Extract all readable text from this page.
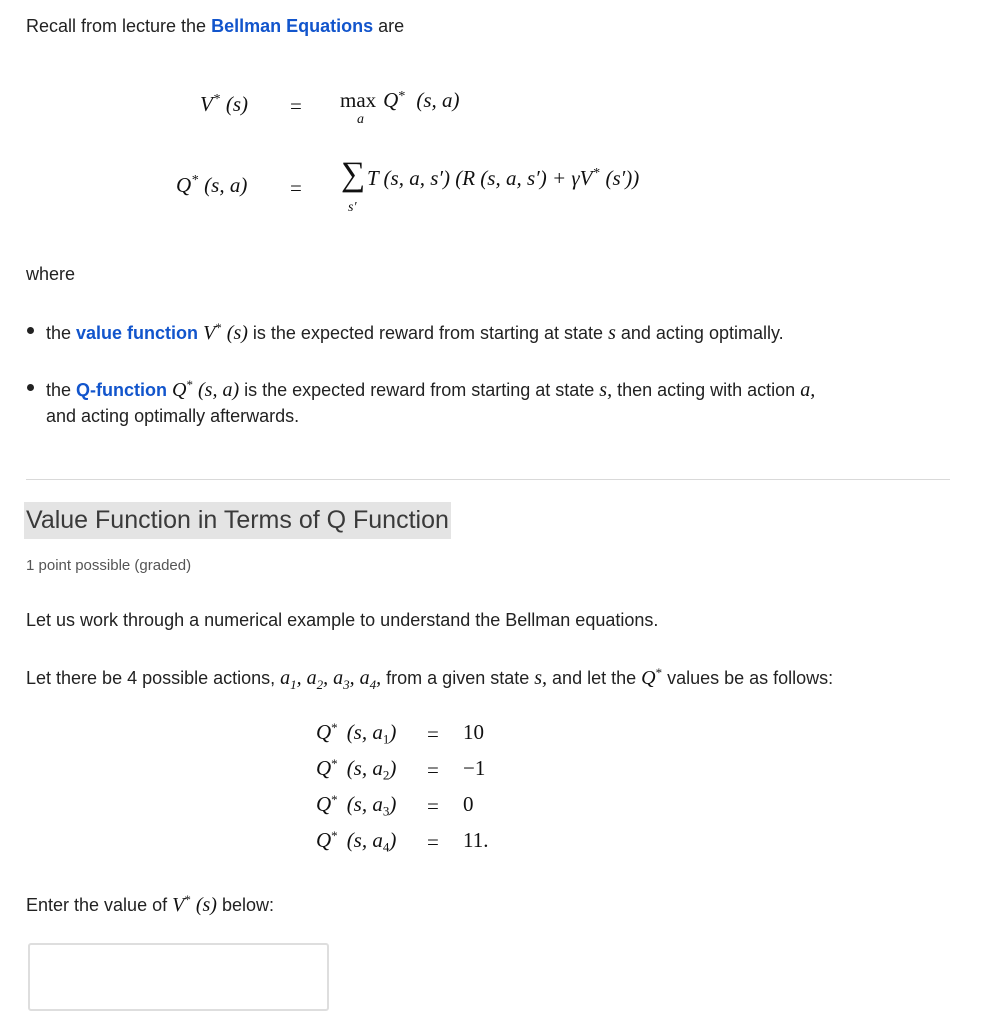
Recall from lecture the Bellman Equations are
V* (s) = max Q* (s, a)
a
Q* (s, a) = ∑
s′
T (s, a, s′) (R (s, a, s′) + γV* (s′))
where
the value function V* (s) is the expected reward from starting at state s and acting optimally.
the Q-function Q* (s, a) is the expected reward from starting at state s, then acting with action a,
and acting optimally afterwards.
Value Function in Terms of Q Function
1 point possible (graded)
Let us work through a numerical example to understand the Bellman equations.
Let there be 4 possible actions, $a_1$, $a_2$, $a_3$, $a_4$, from a given state s, and let the Q* values be as follows:
Q* (s, $a_1) = 10$
Q* (s, $a_2) = -1$
Q* (s, $a_3) = 0$
Q* (s, $a_4) = 11$.
Enter the value of V* (s) below:
